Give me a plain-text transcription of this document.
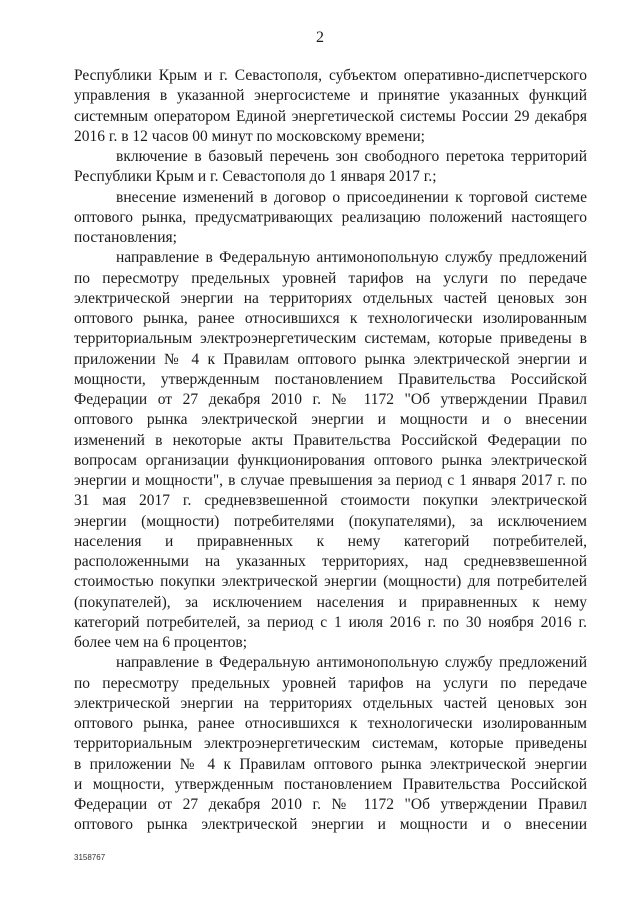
2

Республики Крым и г. Севастополя, субъектом оперативно-диспетчерского
управления в указанной энергосистеме и принятие указанных функций
системным оператором Единой энергетической системы России 29 декабря
2016 г. в 12 часов 00 минут по московскому времени;

включение в базовый перечень зон свободного перетока территорий
Республики Крым и г. Севастополя до 1 января 2017 г.;

внесение изменений в договор о присоединении к торговой системе
оптового рынка, предусматривающих реализацию положений настоящего
постановления;

направление в Федеральную антимонопольную службу предложений
по пересмотру предельных уровней тарифов на услуги по передаче
электрической энергии на территориях отдельных частей ценовых зон
оптового рынка, ранее относившихся к технологически изолированным
территориальным электроэнергетическим системам, которые приведены в
приложении № 4 к Правилам оптового рынка электрической энергии и
мощности, утвержденным постановлением Правительства Российской
Федерации от 27 декабря 2010 г. № 1172 "Об утверждении Правил
оптового рынка электрической энергии и мощности и о внесении
изменений в некоторые акты Правительства Российской Федерации по
вопросам организации функционирования оптового рынка электрической
энергии и мощности", в случае превышения за период с 1 января 2017 г. по
31 мая 2017 г. средневзвешенной стоимости покупки электрической
энергии (мощности) потребителями (покупателями), за исключением
населения и приравненных к нему категорий потребителей,
расположенными на указанных территориях, над средневзвешенной
стоимостью покупки электрической энергии (мощности) для потребителей
(покупателей), за исключением населения и приравненных к нему
категорий потребителей, за период с 1 июля 2016 г. по 30 ноября 2016 г.
более чем на 6 процентов;

направление в Федеральную антимонопольную службу предложений
по пересмотру предельных уровней тарифов на услуги по передаче
электрической энергии на территориях отдельных частей ценовых зон
оптового рынка, ранее относившихся к технологически изолированным
территориальным электроэнергетическим системам, которые приведены
в приложении № 4 к Правилам оптового рынка электрической энергии
и мощности, утвержденным постановлением Правительства Российской
Федерации от 27 декабря 2010 г. № 1172 "Об утверждении Правил
оптового рынка электрической энергии и мощности и о внесении

3158767
